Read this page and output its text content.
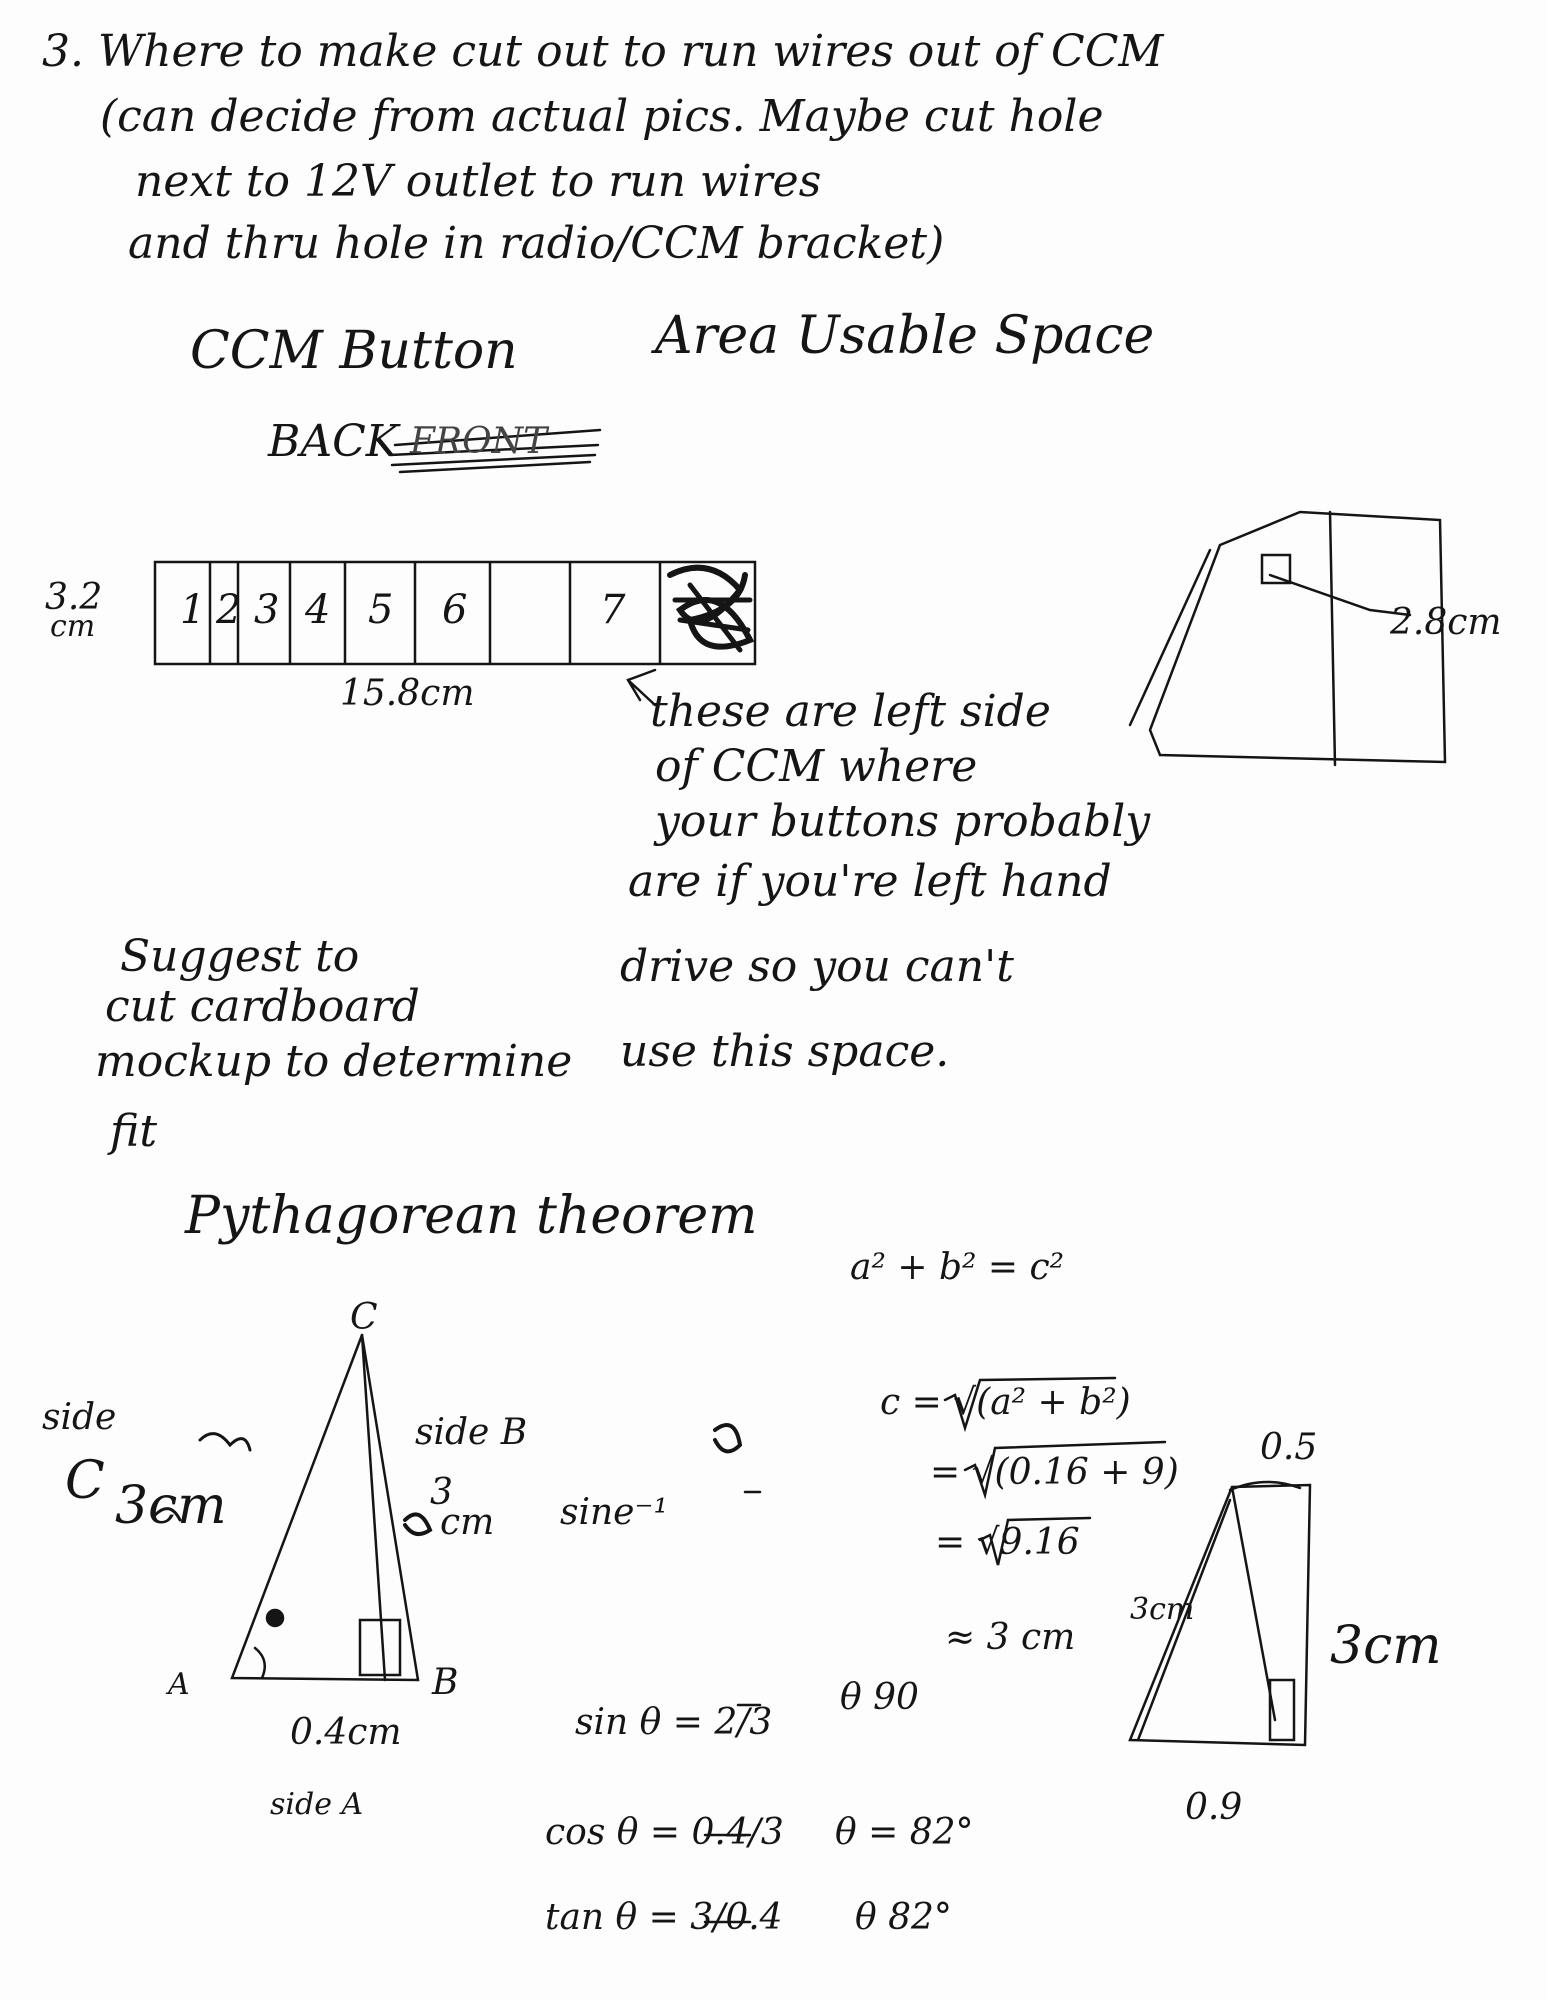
3. Where to make cut out to run wires out of CCM
(can decide from actual pics. Maybe cut hole
next to 12V outlet to run wires
and thru hole in radio/CCM bracket)
CCM Button	Area Usable Space
BACK FRONT
3.2
cm 1 2 3 4 5 6	7
15.8cm
2.8cm
these are left side
of CCM where
your buttons probably
are if you're left hand
drive so you can't
use this space.
Suggest to
cut cardboard
mockup to determine
fit
Pythagorean theorem
C
A	B
side
C 3cm
side B
3
cm sine⁻¹
0.4cm
side A
a² + b² = c²
c = √(a² + b²)
= √(0.16 + 9)
= √9.16
≈ 3 cm
sin θ = 2/3
cos θ = 0.4/3
tan θ = 3/0.4
θ 90
θ = 82°
θ 82°
0.5
3cm
3cm
0.9
